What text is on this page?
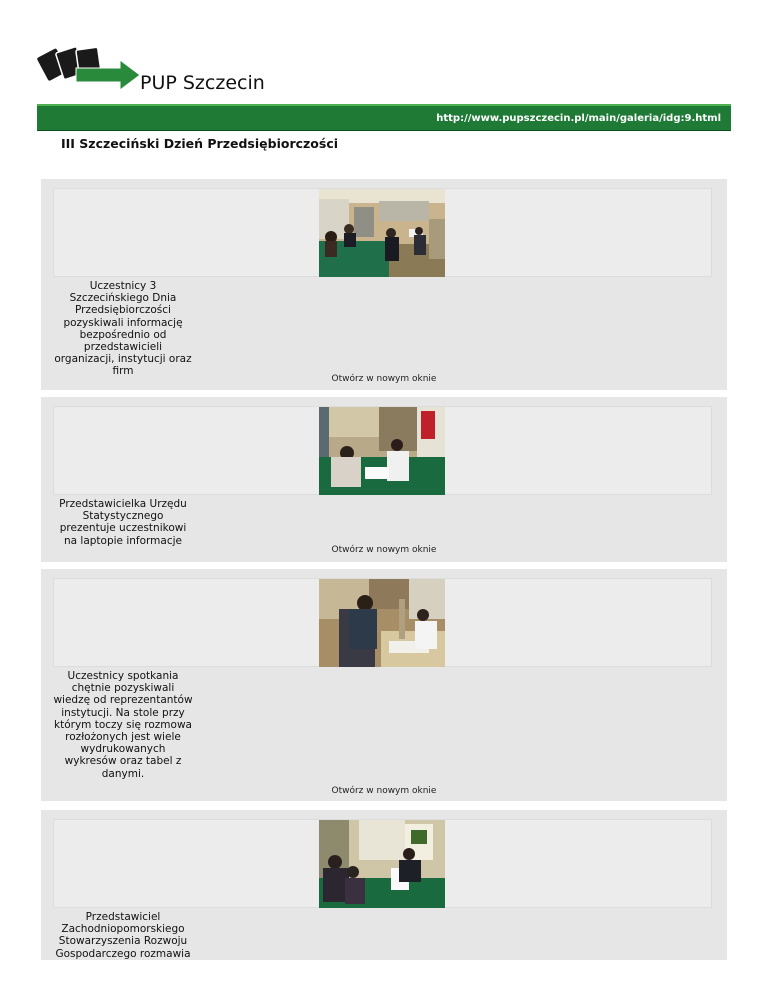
PUP Szczecin
http://www.pupszczecin.pl/main/galeria/idg:9.html
III Szczeciński Dzień Przedsiębiorczości
Uczestnicy 3 Szczecińskiego Dnia Przedsiębiorczości pozyskiwali informację bezpośrednio od przedstawicieli organizacji, instytucji oraz firm
Otwórz w nowym oknie
Przedstawicielka Urzędu Statystycznego prezentuje uczestnikowi na laptopie informacje
Otwórz w nowym oknie
Uczestnicy spotkania chętnie pozyskiwali wiedzę od reprezentantów instytucji. Na stole przy którym toczy się rozmowa rozłożonych jest wiele wydrukowanych wykresów oraz tabel z danymi.
Otwórz w nowym oknie
Przedstawiciel Zachodniopomorskiego Stowarzyszenia Rozwoju Gospodarczego rozmawia
